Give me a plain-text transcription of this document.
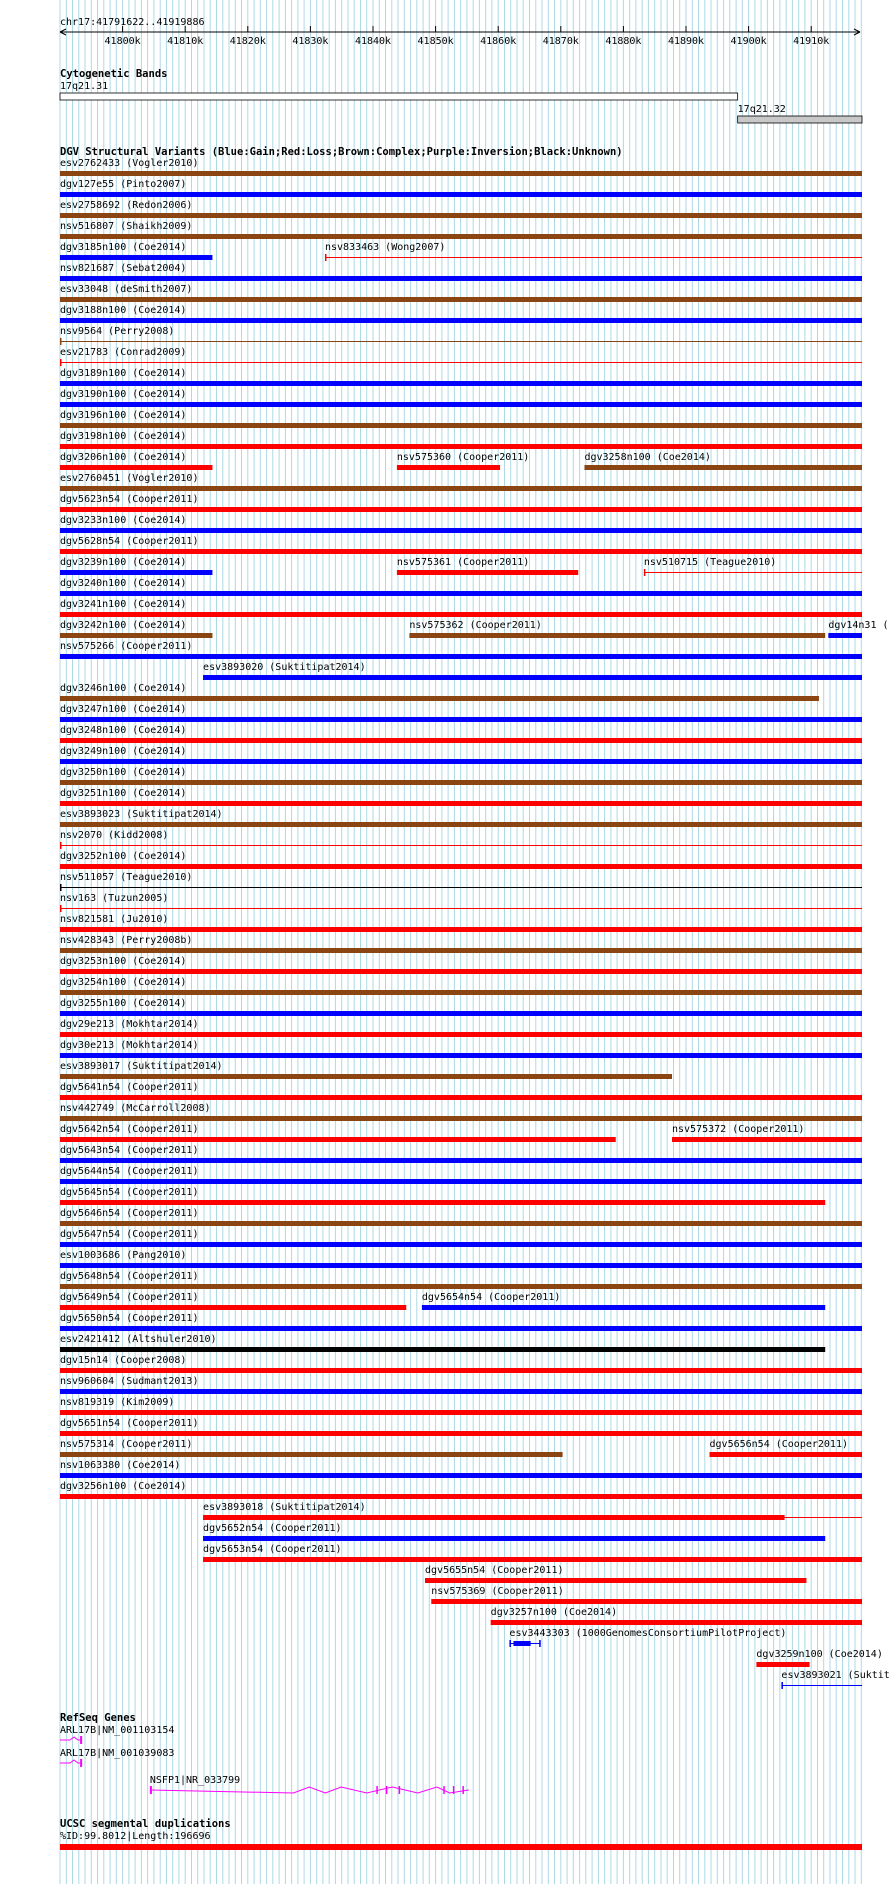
chr17:41791622..41919886
41800k	41810k	41820k	41830k	41840k	41850k	41860k	41870k	41880k	41890k	41900k	41910k
Cytogenetic Bands
17q21.31
17q21.32
DGV Structural Variants (Blue:Gain;Red:Loss;Brown:Complex;Purple:Inversion;Black:Unknown)
esv2762433 (Vogler2010)
dgv127e55 (Pinto2007)
esv2758692 (Redon2006)
nsv516807 (Shaikh2009)
dgv3185n100 (Coe2014)	nsv833463 (Wong2007)
nsv821687 (Sebat2004)
esv33048 (deSmith2007)
dgv3188n100 (Coe2014)
nsv9564 (Perry2008)
esv21783 (Conrad2009)
dgv3189n100 (Coe2014)
dgv3190n100 (Coe2014)
dgv3196n100 (Coe2014)
dgv3198n100 (Coe2014)
dgv3206n100 (Coe2014)	nsv575360 (Cooper2011)	dgv3258n100 (Coe2014)
esv2760451 (Vogler2010)
dgv5623n54 (Cooper2011)
dgv3233n100 (Coe2014)
dgv5628n54 (Cooper2011)
dgv3239n100 (Coe2014)	nsv575361 (Cooper2011)	nsv510715 (Teague2010)
dgv3240n100 (Coe2014)
dgv3241n100 (Coe2014)
dgv3242n100 (Coe2014)	nsv575362 (Cooper2011)	dgv14n31 (
nsv575266 (Cooper2011)
esv3893020 (Suktitipat2014)
dgv3246n100 (Coe2014)
dgv3247n100 (Coe2014)
dgv3248n100 (Coe2014)
dgv3249n100 (Coe2014)
dgv3250n100 (Coe2014)
dgv3251n100 (Coe2014)
esv3893023 (Suktitipat2014)
nsv2070 (Kidd2008)
dgv3252n100 (Coe2014)
nsv511057 (Teague2010)
nsv163 (Tuzun2005)
nsv821581 (Ju2010)
nsv428343 (Perry2008b)
dgv3253n100 (Coe2014)
dgv3254n100 (Coe2014)
dgv3255n100 (Coe2014)
dgv29e213 (Mokhtar2014)
dgv30e213 (Mokhtar2014)
esv3893017 (Suktitipat2014)
dgv5641n54 (Cooper2011)
nsv442749 (McCarroll2008)
dgv5642n54 (Cooper2011)	nsv575372 (Cooper2011)
dgv5643n54 (Cooper2011)
dgv5644n54 (Cooper2011)
dgv5645n54 (Cooper2011)
dgv5646n54 (Cooper2011)
dgv5647n54 (Cooper2011)
esv1003686 (Pang2010)
dgv5648n54 (Cooper2011)
dgv5649n54 (Cooper2011)	dgv5654n54 (Cooper2011)
dgv5650n54 (Cooper2011)
esv2421412 (Altshuler2010)
dgv15n14 (Cooper2008)
nsv960604 (Sudmant2013)
nsv819319 (Kim2009)
dgv5651n54 (Cooper2011)
nsv575314 (Cooper2011)	dgv5656n54 (Cooper2011)
nsv1063380 (Coe2014)
dgv3256n100 (Coe2014)
esv3893018 (Suktitipat2014)
dgv5652n54 (Cooper2011)
dgv5653n54 (Cooper2011)
dgv5655n54 (Cooper2011)
nsv575369 (Cooper2011)
dgv3257n100 (Coe2014)
esv3443303 (1000GenomesConsortiumPilotProject)
dgv3259n100 (Coe2014)
esv3893021 (Suktit
RefSeq Genes
ARL17B|NM_001103154
ARL17B|NM_001039083
NSFP1|NR_033799
UCSC segmental duplications
%ID:99.8012|Length:196696
